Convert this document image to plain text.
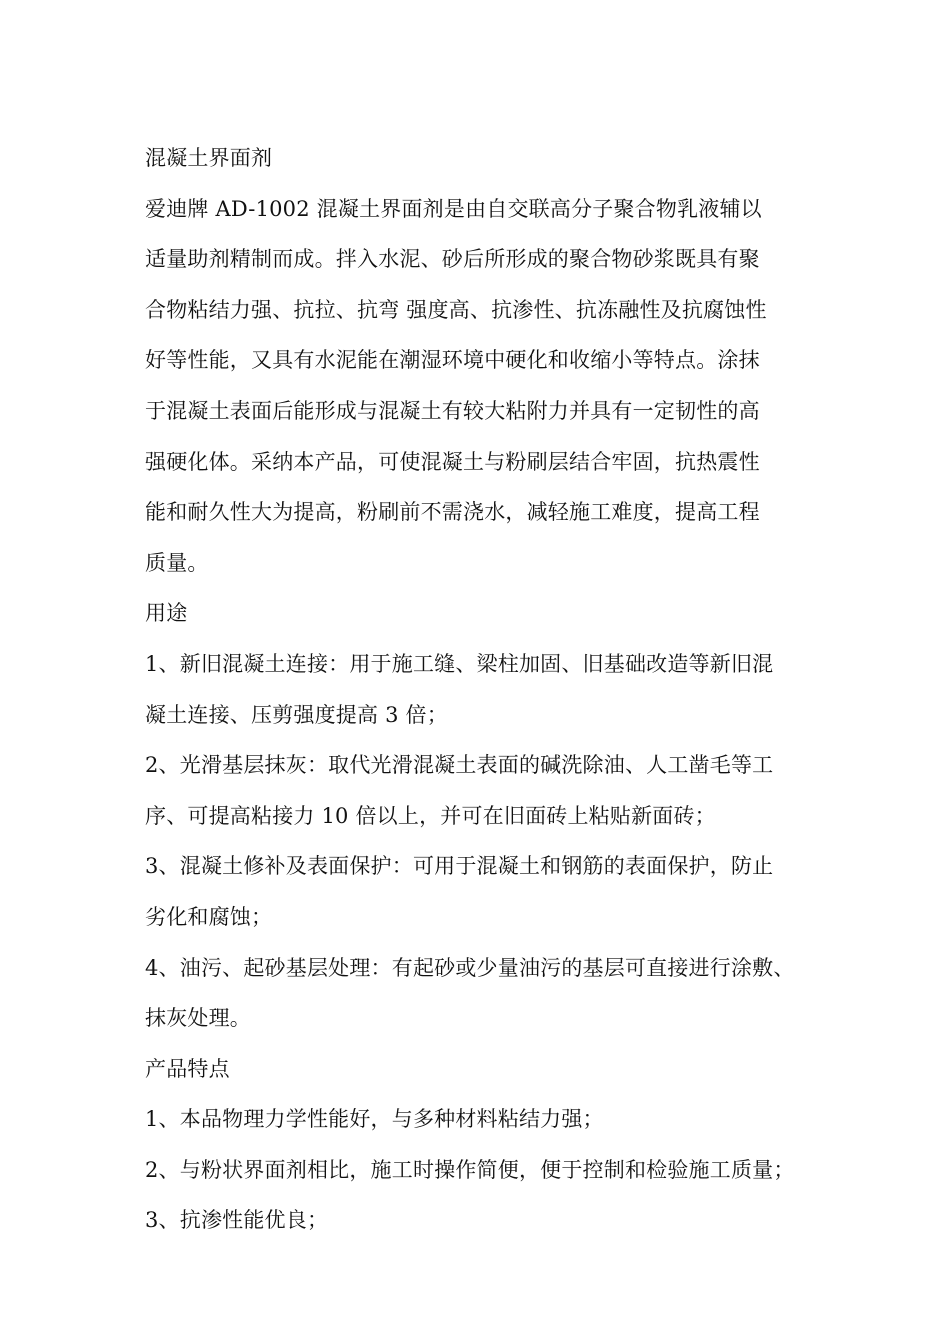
混凝土界面剂
爱迪牌 AD-1002 混凝土界面剂是由自交联高分子聚合物乳液辅以
适量助剂精制而成。拌入水泥、砂后所形成的聚合物砂浆既具有聚
合物粘结力强、抗拉、抗弯 强度高、抗渗性、抗冻融性及抗腐蚀性
好等性能，又具有水泥能在潮湿环境中硬化和收缩小等特点。涂抹
于混凝土表面后能形成与混凝土有较大粘附力并具有一定韧性的高
强硬化体。采纳本产品，可使混凝土与粉刷层结合牢固，抗热震性
能和耐久性大为提高，粉刷前不需浇水，减轻施工难度，提高工程
质量。
用途
1、新旧混凝土连接：用于施工缝、梁柱加固、旧基础改造等新旧混
凝土连接、压剪强度提高 3 倍；
2、光滑基层抹灰：取代光滑混凝土表面的碱洗除油、人工凿毛等工
序、可提高粘接力 10 倍以上，并可在旧面砖上粘贴新面砖；
3、混凝土修补及表面保护：可用于混凝土和钢筋的表面保护，防止
劣化和腐蚀；
4、油污、起砂基层处理：有起砂或少量油污的基层可直接进行涂敷、
抹灰处理。
产品特点
1、本品物理力学性能好，与多种材料粘结力强；
2、与粉状界面剂相比，施工时操作简便，便于控制和检验施工质量；
3、抗渗性能优良；
